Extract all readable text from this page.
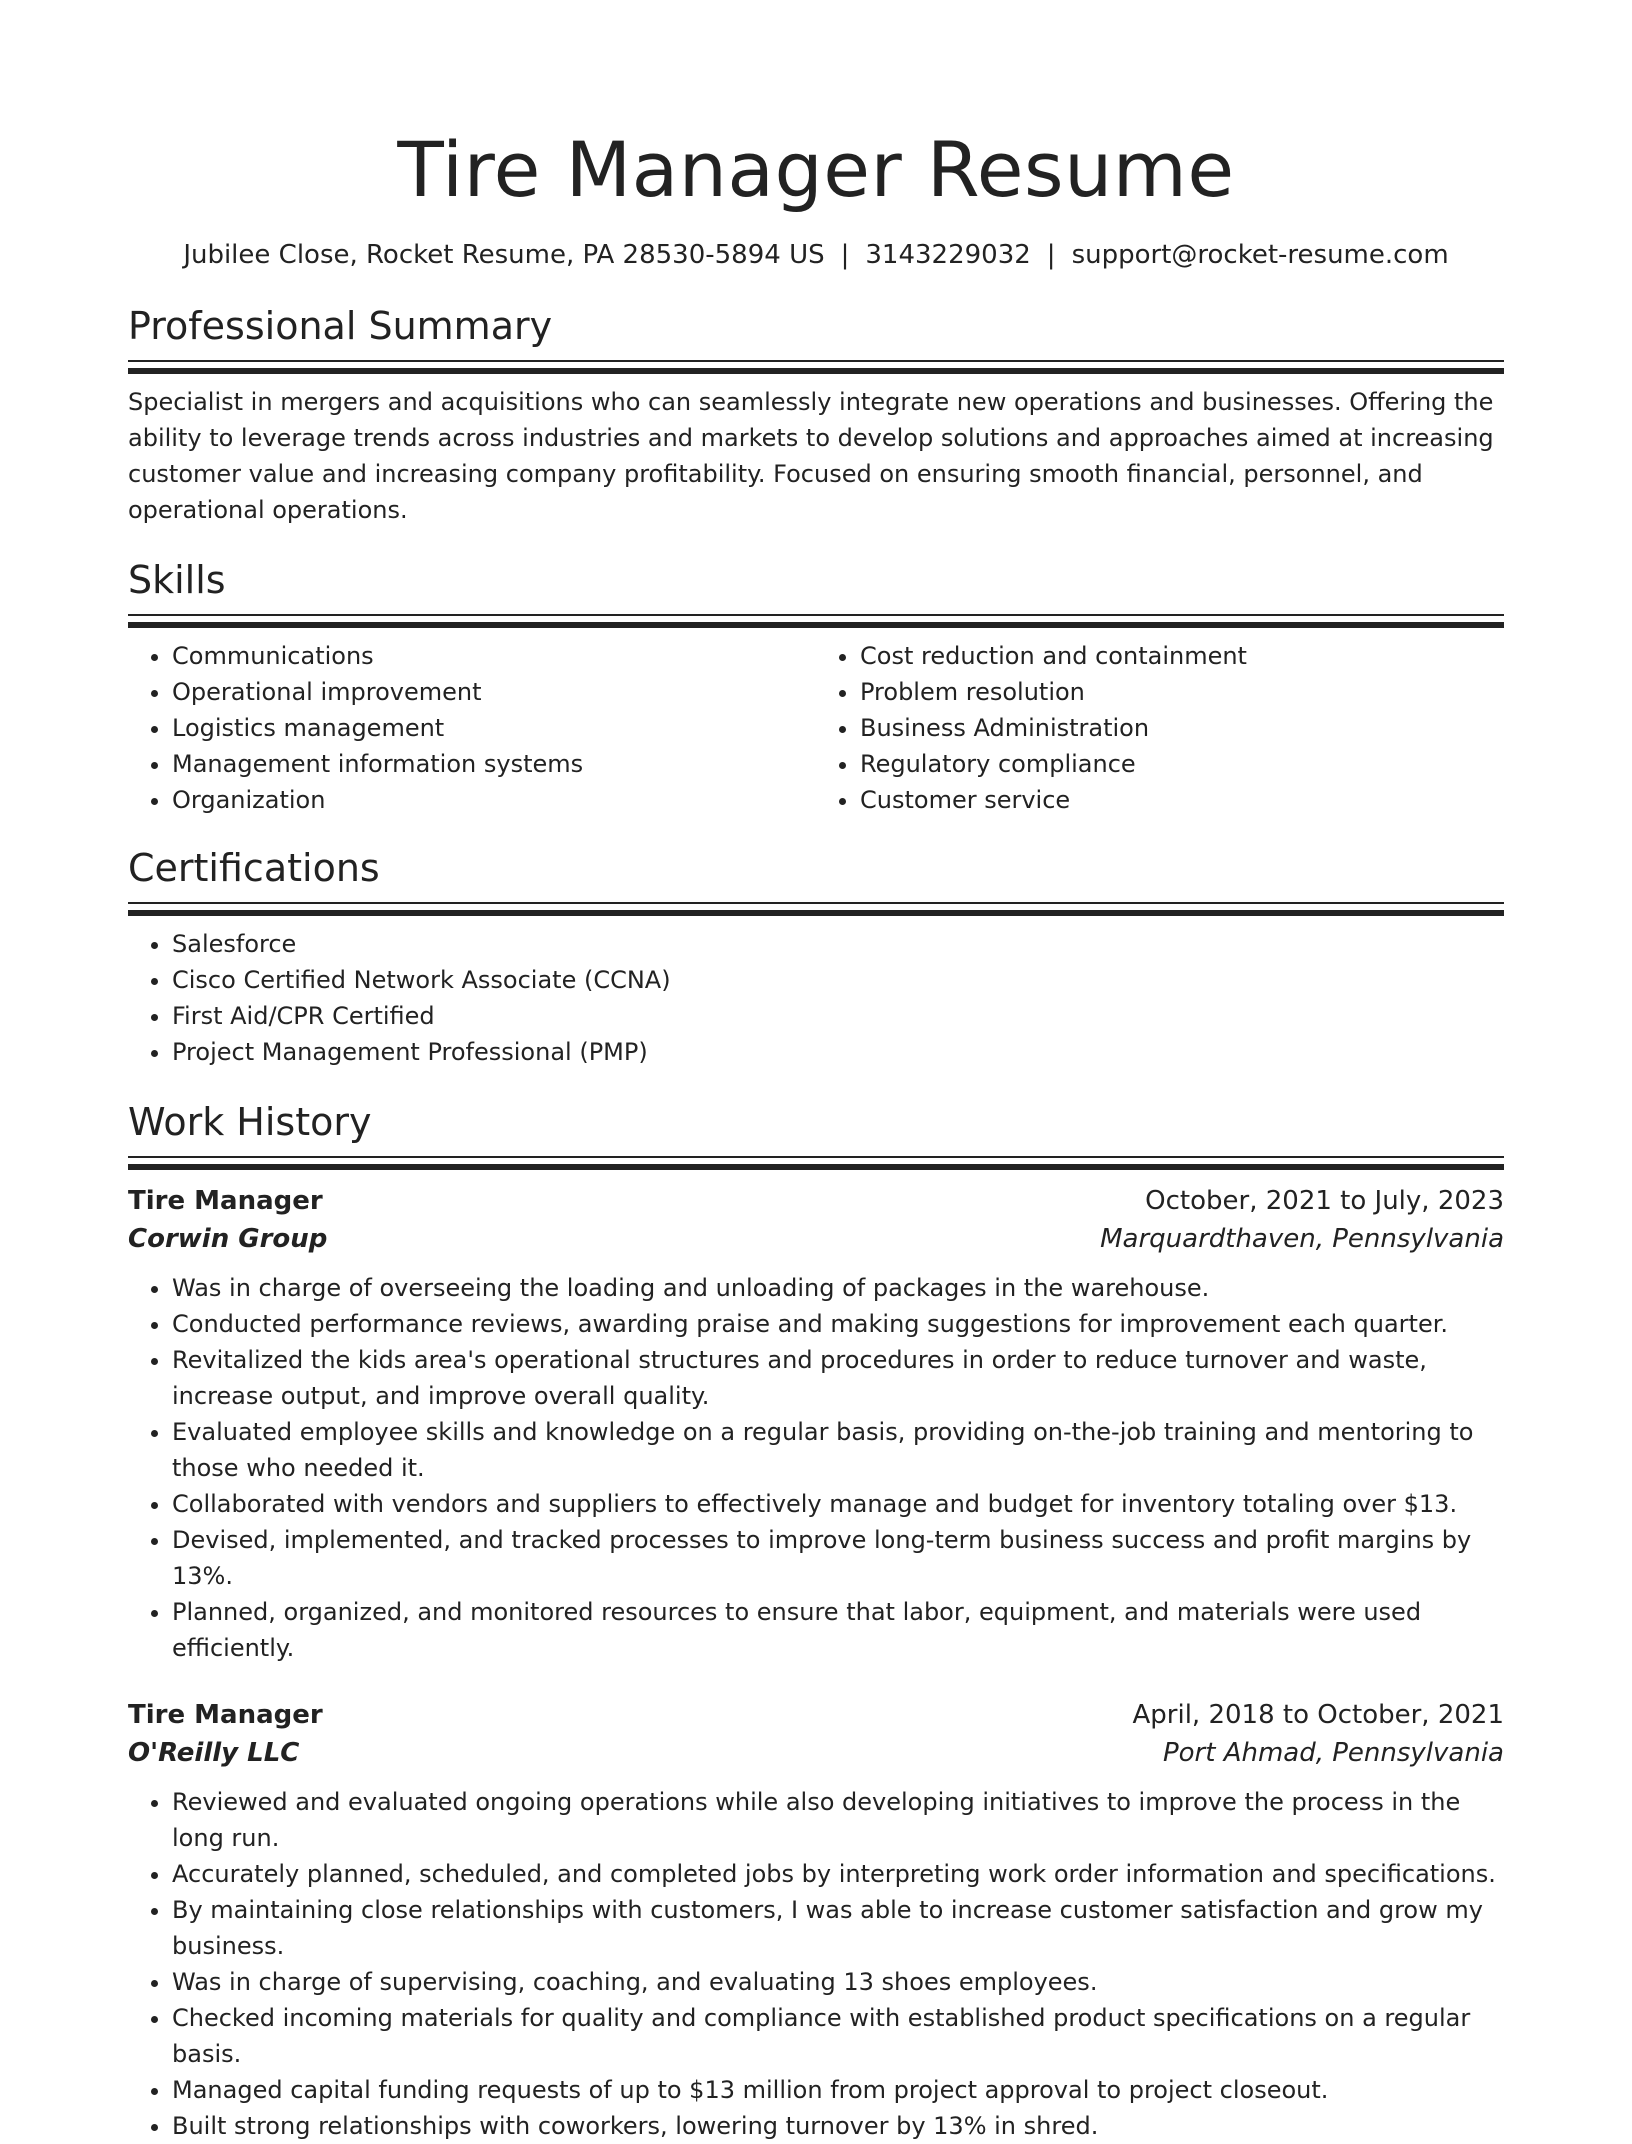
Tire Manager Resume
Jubilee Close, Rocket Resume, PA 28530-5894 US | 3143229032 | support@rocket-resume.com
Professional Summary

Specialist in mergers and acquisitions who can seamlessly integrate new operations and businesses. Offering the ability to leverage trends across industries and markets to develop solutions and approaches aimed at increasing customer value and increasing company profitability. Focused on ensuring smooth financial, personnel, and operational operations.

Skills
• Communications
• Operational improvement
• Logistics management
• Management information systems
• Organization
• Cost reduction and containment
• Problem resolution
• Business Administration
• Regulatory compliance
• Customer service
Certifications
• Salesforce
• Cisco Certified Network Associate (CCNA)
• First Aid/CPR Certified
• Project Management Professional (PMP)
Work History
Tire Manager	October, 2021 to July, 2023
Corwin Group	Marquardthaven, Pennsylvania
• Was in charge of overseeing the loading and unloading of packages in the warehouse.
• Conducted performance reviews, awarding praise and making suggestions for improvement each quarter.
• Revitalized the kids area's operational structures and procedures in order to reduce turnover and waste, increase output, and improve overall quality.
• Evaluated employee skills and knowledge on a regular basis, providing on-the-job training and mentoring to those who needed it.
• Collaborated with vendors and suppliers to effectively manage and budget for inventory totaling over $13.
• Devised, implemented, and tracked processes to improve long-term business success and profit margins by 13%.
• Planned, organized, and monitored resources to ensure that labor, equipment, and materials were used efficiently.
Tire Manager	April, 2018 to October, 2021
O'Reilly LLC	Port Ahmad, Pennsylvania
• Reviewed and evaluated ongoing operations while also developing initiatives to improve the process in the long run.
• Accurately planned, scheduled, and completed jobs by interpreting work order information and specifications.
• By maintaining close relationships with customers, I was able to increase customer satisfaction and grow my business.
• Was in charge of supervising, coaching, and evaluating 13 shoes employees.
• Checked incoming materials for quality and compliance with established product specifications on a regular basis.
• Managed capital funding requests of up to $13 million from project approval to project closeout.
• Built strong relationships with coworkers, lowering turnover by 13% in shred.
